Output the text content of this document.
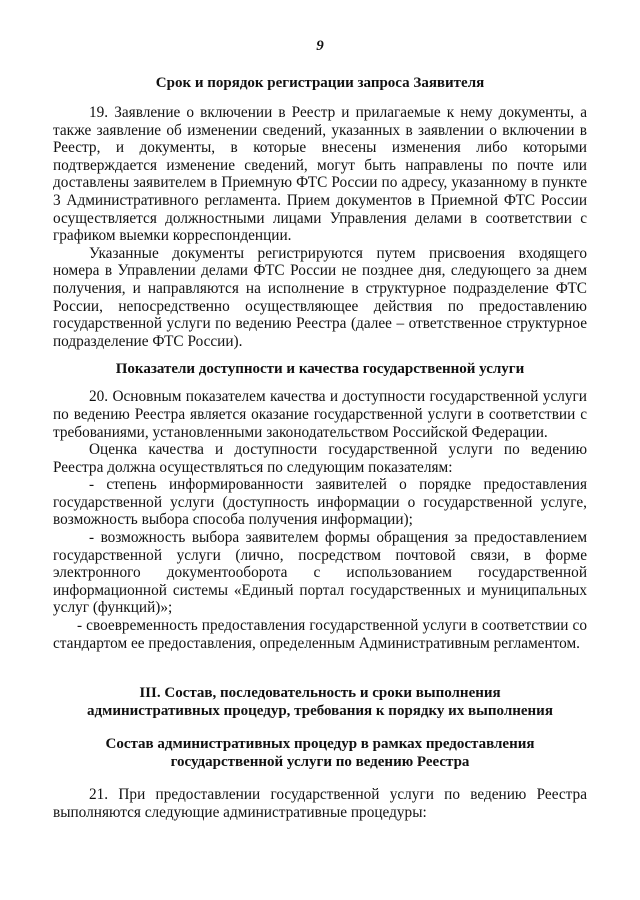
9
Срок и порядок регистрации запроса Заявителя

19. Заявление о включении в Реестр и прилагаемые к нему документы, а также заявление об изменении сведений, указанных в заявлении о включении в Реестр, и документы, в которые внесены изменения либо которыми подтверждается изменение сведений, могут быть направлены по почте или доставлены заявителем в Приемную ФТС России по адресу, указанному в пункте 3 Административного регламента. Прием документов в Приемной ФТС России осуществляется должностными лицами Управления делами в соответствии с графиком выемки корреспонденции.

Указанные документы регистрируются путем присвоения входящего номера в Управлении делами ФТС России не позднее дня, следующего за днем получения, и направляются на исполнение в структурное подразделение ФТС России, непосредственно осуществляющее действия по предоставлению государственной услуги по ведению Реестра (далее – ответственное структурное подразделение ФТС России).

Показатели доступности и качества государственной услуги

20. Основным показателем качества и доступности государственной услуги по ведению Реестра является оказание государственной услуги в соответствии с требованиями, установленными законодательством Российской Федерации.

Оценка качества и доступности государственной услуги по ведению Реестра должна осуществляться по следующим показателям:

- степень информированности заявителей о порядке предоставления государственной услуги (доступность информации о государственной услуге, возможность выбора способа получения информации);

- возможность выбора заявителем формы обращения за предоставлением государственной услуги (лично, посредством почтовой связи, в форме электронного документооборота с использованием государственной информационной системы «Единый портал государственных и муниципальных услуг (функций)»;

- своевременность предоставления государственной услуги в соответствии со стандартом ее предоставления, определенным Административным регламентом.

III. Состав, последовательность и сроки выполнения
административных процедур, требования к порядку их выполнения
Состав административных процедур в рамках предоставления
государственной услуги по ведению Реестра

21. При предоставлении государственной услуги по ведению Реестра выполняются следующие административные процедуры:
